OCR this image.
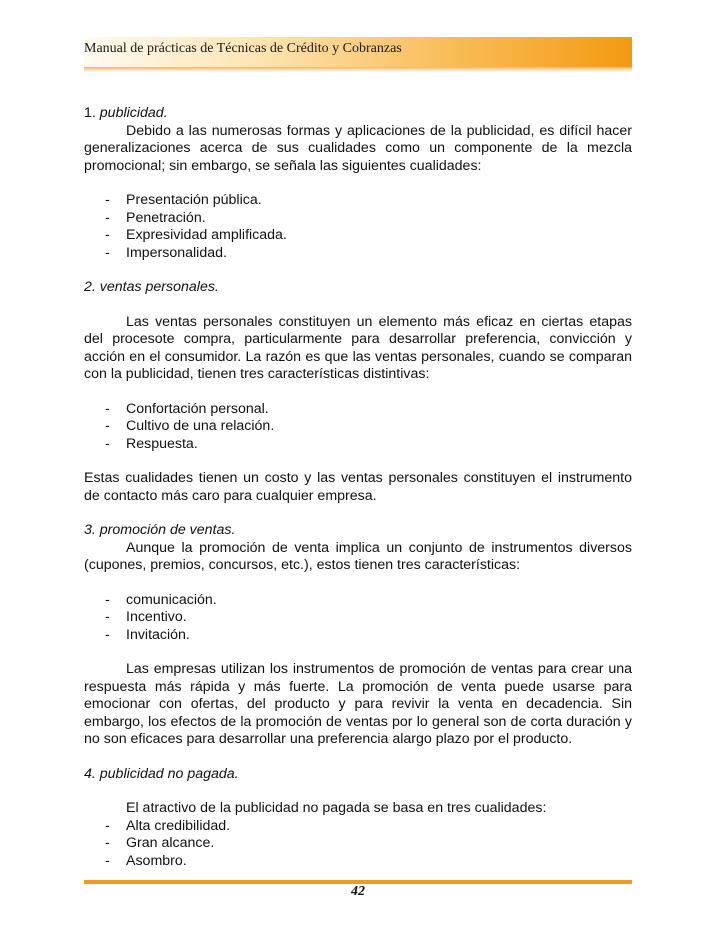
Manual de prácticas de Técnicas de Crédito y Cobranzas

1. publicidad.

Debido a las numerosas formas y aplicaciones de la publicidad, es difícil hacer generalizaciones acerca de sus cualidades como un componente de la mezcla promocional; sin embargo, se señala las siguientes cualidades:

- Presentación pública.
- Penetración.
- Expresividad amplificada.
- Impersonalidad.

2. ventas personales.

Las ventas personales constituyen un elemento más eficaz en ciertas etapas del procesote compra, particularmente para desarrollar preferencia, convicción y acción en el consumidor. La razón es que las ventas personales, cuando se comparan con la publicidad, tienen tres características distintivas:

- Confortación personal.
- Cultivo de una relación.
- Respuesta.

Estas cualidades tienen un costo y las ventas personales constituyen el instrumento de contacto más caro para cualquier empresa.

3. promoción de ventas.

Aunque la promoción de venta implica un conjunto de instrumentos diversos (cupones, premios, concursos, etc.), estos tienen tres características:

- comunicación.
- Incentivo.
- Invitación.

Las empresas utilizan los instrumentos de promoción de ventas para crear una respuesta más rápida y más fuerte. La promoción de venta puede usarse para emocionar con ofertas, del producto y para revivir la venta en decadencia. Sin embargo, los efectos de la promoción de ventas por lo general son de corta duración y no son eficaces para desarrollar una preferencia alargo plazo por el producto.

4. publicidad no pagada.

El atractivo de la publicidad no pagada se basa en tres cualidades:

- Alta credibilidad.
- Gran alcance.
- Asombro.
42
